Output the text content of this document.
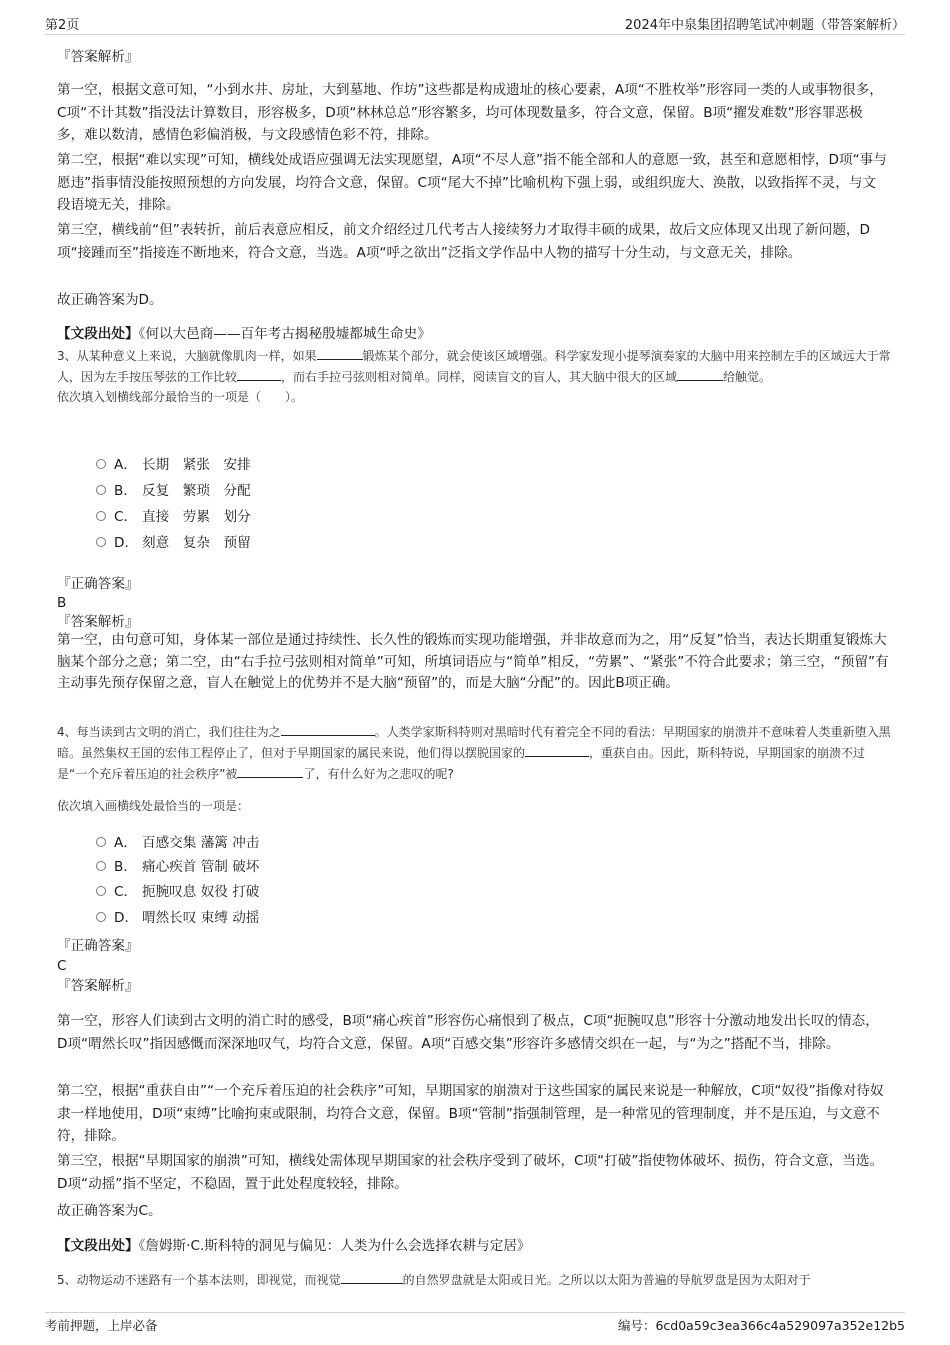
第2页	2024年中泉集团招聘笔试冲刺题（带答案解析）
『答案解析』

第一空，根据文意可知，“小到水井、房址，大到墓地、作坊”这些都是构成遗址的核心要素，A项“不胜枚举”形容同一类的人或事物很多，C项“不计其数”指没法计算数目，形容极多，D项“林林总总”形容繁多，均可体现数量多，符合文意，保留。B项“擢发难数”形容罪恶极多，难以数清，感情色彩偏消极，与文段感情色彩不符，排除。

第二空，根据“难以实现”可知，横线处成语应强调无法实现愿望，A项“不尽人意”指不能全部和人的意愿一致，甚至和意愿相悖，D项“事与愿违”指事情没能按照预想的方向发展，均符合文意，保留。C项“尾大不掉”比喻机构下强上弱，或组织庞大、涣散，以致指挥不灵，与文段语境无关，排除。

第三空，横线前“但”表转折，前后表意应相反，前文介绍经过几代考古人接续努力才取得丰硕的成果，故后文应体现又出现了新问题，D项“接踵而至”指接连不断地来，符合文意，当选。A项“呼之欲出”泛指文学作品中人物的描写十分生动，与文意无关，排除。

故正确答案为D。

【文段出处】《何以大邑商——百年考古揭秘殷墟都城生命史》

3、从某种意义上来说，大脑就像肌肉一样，如果	锻炼某个部分，就会使该区域增强。科学家发现小提琴演奏家的大脑中用来控制左手的区域远大于常人，因为左手按压琴弦的工作比较	，而右手拉弓弦则相对简单。同样，阅读盲文的盲人，其大脑中很大的区域	给触觉。

依次填入划横线部分最恰当的一项是（　　）。

A． 长期　紧张　安排
B． 反复　繁琐　分配
C． 直接　劳累　划分
D． 刻意　复杂　预留
『正确答案』
B
『答案解析』

第一空，由句意可知，身体某一部位是通过持续性、长久性的锻炼而实现功能增强，并非故意而为之，用“反复”恰当，表达长期重复锻炼大脑某个部分之意；第二空，由“右手拉弓弦则相对简单”可知，所填词语应与“简单”相反，“劳累”、“紧张”不符合此要求；第三空，“预留”有主动事先预存保留之意，盲人在触觉上的优势并不是大脑“预留”的，而是大脑“分配”的。因此B项正确。

4、每当读到古文明的消亡，我们往往为之	。人类学家斯科特则对黑暗时代有着完全不同的看法：早期国家的崩溃并不意味着人类重新堕入黑暗。虽然集权王国的宏伟工程停止了，但对于早期国家的属民来说，他们得以摆脱国家的	，重获自由。因此，斯科特说，早期国家的崩溃不过是“一个充斥着压迫的社会秩序”被	了，有什么好为之悲叹的呢?

依次填入画横线处最恰当的一项是：

A． 百感交集 藩篱 冲击
B． 痛心疾首 管制 破坏
C． 扼腕叹息 奴役 打破
D． 喟然长叹 束缚 动摇
『正确答案』
C
『答案解析』

第一空，形容人们读到古文明的消亡时的感受，B项“痛心疾首”形容伤心痛恨到了极点，C项“扼腕叹息”形容十分激动地发出长叹的情态，D项“喟然长叹”指因感慨而深深地叹气，均符合文意，保留。A项“百感交集”形容许多感情交织在一起，与“为之”搭配不当，排除。

第二空，根据“重获自由”“一个充斥着压迫的社会秩序”可知，早期国家的崩溃对于这些国家的属民来说是一种解放，C项“奴役”指像对待奴隶一样地使用，D项“束缚”比喻拘束或限制，均符合文意，保留。B项“管制”指强制管理，是一种常见的管理制度，并不是压迫，与文意不符，排除。

第三空，根据“早期国家的崩溃”可知，横线处需体现早期国家的社会秩序受到了破坏，C项“打破”指使物体破坏、损伤，符合文意，当选。D项“动摇”指不坚定，不稳固，置于此处程度较轻，排除。

故正确答案为C。

【文段出处】《詹姆斯·C.斯科特的洞见与偏见：人类为什么会选择农耕与定居》

5、动物运动不迷路有一个基本法则，即视觉，而视觉	的自然罗盘就是太阳或日光。之所以以太阳为普遍的导航罗盘是因为太阳对于

考前押题，上岸必备	编号：6cd0a59c3ea366c4a529097a352e12b5
